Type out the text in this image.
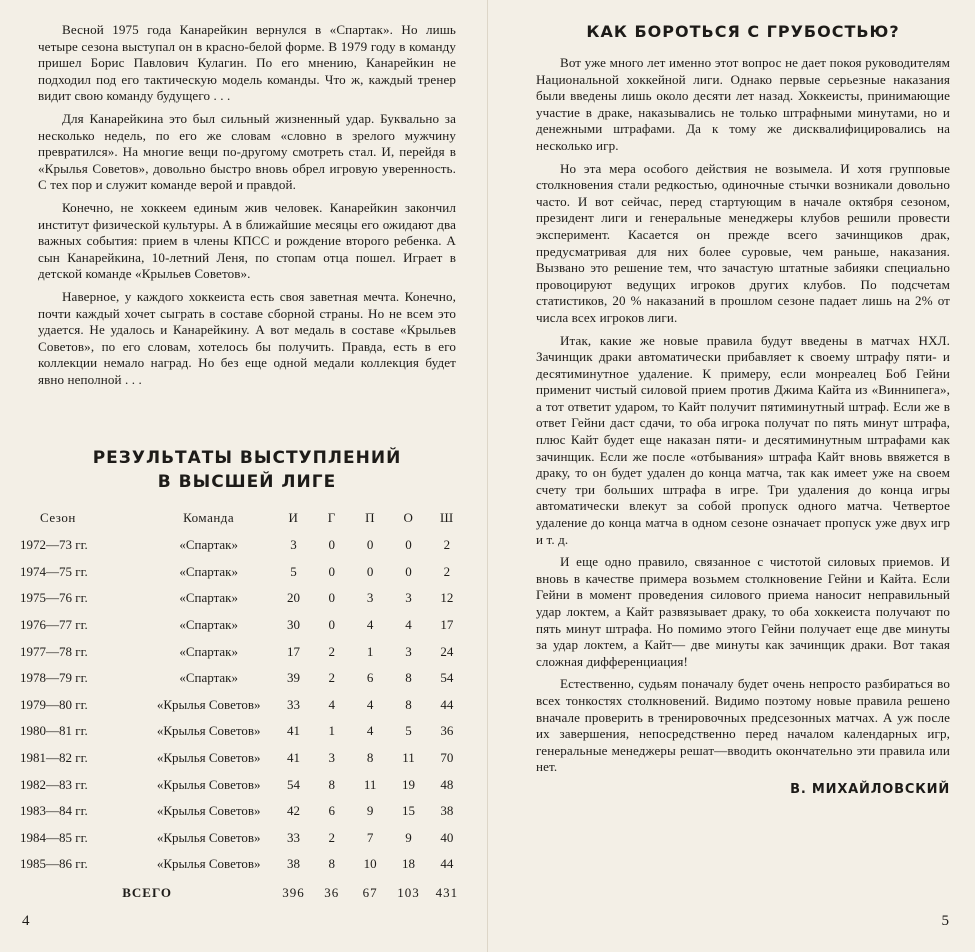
Весной 1975 года Канарейкин вернулся в «Спартак». Но лишь четыре сезона выступал он в красно-белой форме. В 1979 году в команду пришел Борис Павлович Кулагин. По его мнению, Канарейкин не подходил под его тактическую модель команды. Что ж, каждый тренер видит свою команду будущего . . .

Для Канарейкина это был сильный жизненный удар. Буквально за несколько недель, по его же словам «словно в зрелого мужчину превратился». На многие вещи по-другому смотреть стал. И, перейдя в «Крылья Советов», довольно быстро вновь обрел игровую уверенность. С тех пор и служит команде верой и правдой.

Конечно, не хоккеем единым жив человек. Канарейкин закончил институт физической культуры. А в ближайшие месяцы его ожидают два важных события: прием в члены КПСС и рождение второго ребенка. А сын Канарейкина, 10-летний Леня, по стопам отца пошел. Играет в детской команде «Крыльев Советов».

Наверное, у каждого хоккеиста есть своя заветная мечта. Конечно, почти каждый хочет сыграть в составе сборной страны. Но не всем это удается. Не удалось и Канарейкину. А вот медаль в составе «Крыльев Советов», по его словам, хотелось бы получить. Правда, есть в его коллекции немало наград. Но без еще одной медали коллекция будет явно неполной . . .

РЕЗУЛЬТАТЫ ВЫСТУПЛЕНИЙ
В ВЫСШЕЙ ЛИГЕ
Сезон	Команда	И	Г	П	О	Ш
1972—73 гг.	«Спартак»	3	0	0	0	2
1974—75 гг.	«Спартак»	5	0	0	0	2
1975—76 гг.	«Спартак»	20	0	3	3	12
1976—77 гг.	«Спартак»	30	0	4	4	17
1977—78 гг.	«Спартак»	17	2	1	3	24
1978—79 гг.	«Спартак»	39	2	6	8	54
1979—80 гг.	«Крылья Советов»	33	4	4	8	44
1980—81 гг.	«Крылья Советов»	41	1	4	5	36
1981—82 гг.	«Крылья Советов»	41	3	8	11	70
1982—83 гг.	«Крылья Советов»	54	8	11	19	48
1983—84 гг.	«Крылья Советов»	42	6	9	15	38
1984—85 гг.	«Крылья Советов»	33	2	7	9	40
1985—86 гг.	«Крылья Советов»	38	8	10	18	44
ВСЕГО		396	36	67	103	431
4
КАК БОРОТЬСЯ С ГРУБОСТЬЮ?

Вот уже много лет именно этот вопрос не дает покоя руководителям Национальной хоккейной лиги. Однако первые серьезные наказания были введены лишь около десяти лет назад. Хоккеисты, принимающие участие в драке, наказывались не только штрафными минутами, но и денежными штрафами. Да к тому же дисквалифицировались на несколько игр.

Но эта мера особого действия не возымела. И хотя групповые столкновения стали редкостью, одиночные стычки возникали довольно часто. И вот сейчас, перед стартующим в начале октября сезоном, президент лиги и генеральные менеджеры клубов решили провести эксперимент. Касается он прежде всего зачинщиков драк, предусматривая для них более суровые, чем раньше, наказания. Вызвано это решение тем, что зачастую штатные забияки специально провоцируют ведущих игроков других клубов. По подсчетам статистиков, 20 % наказаний в прошлом сезоне падает лишь на 2% от числа всех игроков лиги.

Итак, какие же новые правила будут введены в матчах НХЛ. Зачинщик драки автоматически прибавляет к своему штрафу пяти- и десятиминутное удаление. К примеру, если монреалец Боб Гейни применит чистый силовой прием против Джима Кайта из «Виннипега», а тот ответит ударом, то Кайт получит пятиминутный штраф. Если же в ответ Гейни даст сдачи, то оба игрока получат по пять минут штрафа, плюс Кайт будет еще наказан пяти- и десятиминутным штрафами как зачинщик. Если же после «отбывания» штрафа Кайт вновь ввяжется в драку, то он будет удален до конца матча, так как имеет уже на своем счету три больших штрафа в игре. Три удаления до конца игры автоматически влекут за собой пропуск одного матча. Четвертое удаление до конца матча в одном сезоне означает пропуск уже двух игр и т. д.

И еще одно правило, связанное с чистотой силовых приемов. И вновь в качестве примера возьмем столкновение Гейни и Кайта. Если Гейни в момент проведения силового приема наносит неправильный удар локтем, а Кайт развязывает драку, то оба хоккеиста получают по пять минут штрафа. Но помимо этого Гейни получает еще две минуты за удар локтем, а Кайт— две минуты как зачинщик драки. Вот такая сложная дифференциация!

Естественно, судьям поначалу будет очень непросто разбираться во всех тонкостях столкновений. Видимо поэтому новые правила решено вначале проверить в тренировочных предсезонных матчах. А уж после их завершения, непосредственно перед началом календарных игр, генеральные менеджеры решат—вводить окончательно эти правила или нет.

В. МИХАЙЛОВСКИЙ
5
